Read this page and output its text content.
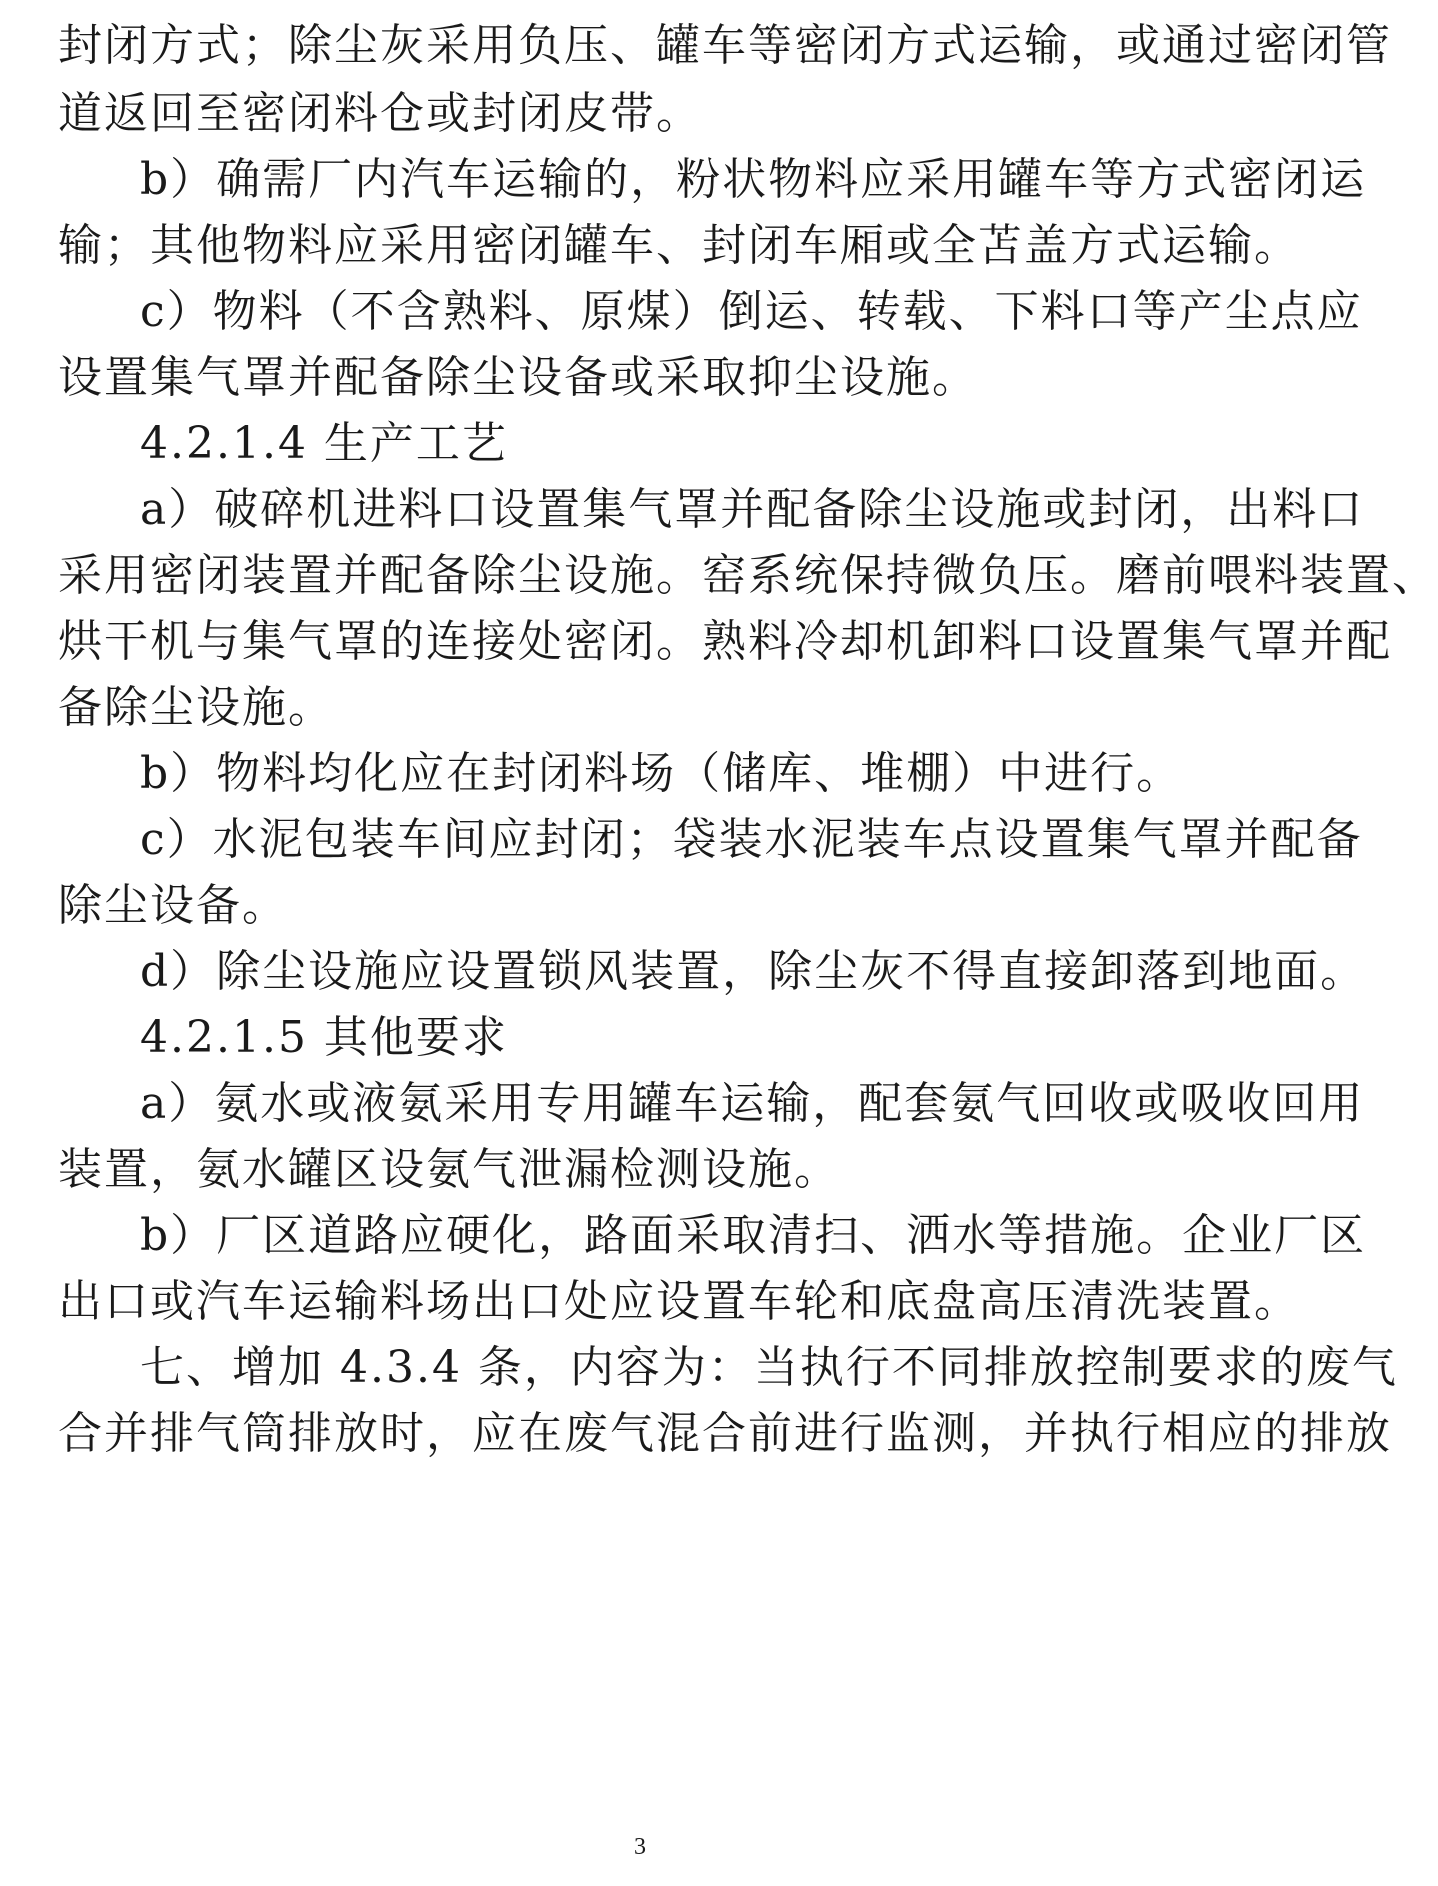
封闭方式；除尘灰采用负压、罐车等密闭方式运输，或通过密闭管
道返回至密闭料仓或封闭皮带。
b）确需厂内汽车运输的，粉状物料应采用罐车等方式密闭运
输；其他物料应采用密闭罐车、封闭车厢或全苫盖方式运输。
c）物料（不含熟料、原煤）倒运、转载、下料口等产尘点应
设置集气罩并配备除尘设备或采取抑尘设施。
4.2.1.4 生产工艺
a）破碎机进料口设置集气罩并配备除尘设施或封闭，出料口
采用密闭装置并配备除尘设施。窑系统保持微负压。磨前喂料装置、
烘干机与集气罩的连接处密闭。熟料冷却机卸料口设置集气罩并配
备除尘设施。
b）物料均化应在封闭料场（储库、堆棚）中进行。
c）水泥包装车间应封闭；袋装水泥装车点设置集气罩并配备
除尘设备。
d）除尘设施应设置锁风装置，除尘灰不得直接卸落到地面。
4.2.1.5 其他要求
a）氨水或液氨采用专用罐车运输，配套氨气回收或吸收回用
装置，氨水罐区设氨气泄漏检测设施。
b）厂区道路应硬化，路面采取清扫、洒水等措施。企业厂区
出口或汽车运输料场出口处应设置车轮和底盘高压清洗装置。
七、增加 4.3.4 条，内容为：当执行不同排放控制要求的废气
合并排气筒排放时，应在废气混合前进行监测，并执行相应的排放
3
